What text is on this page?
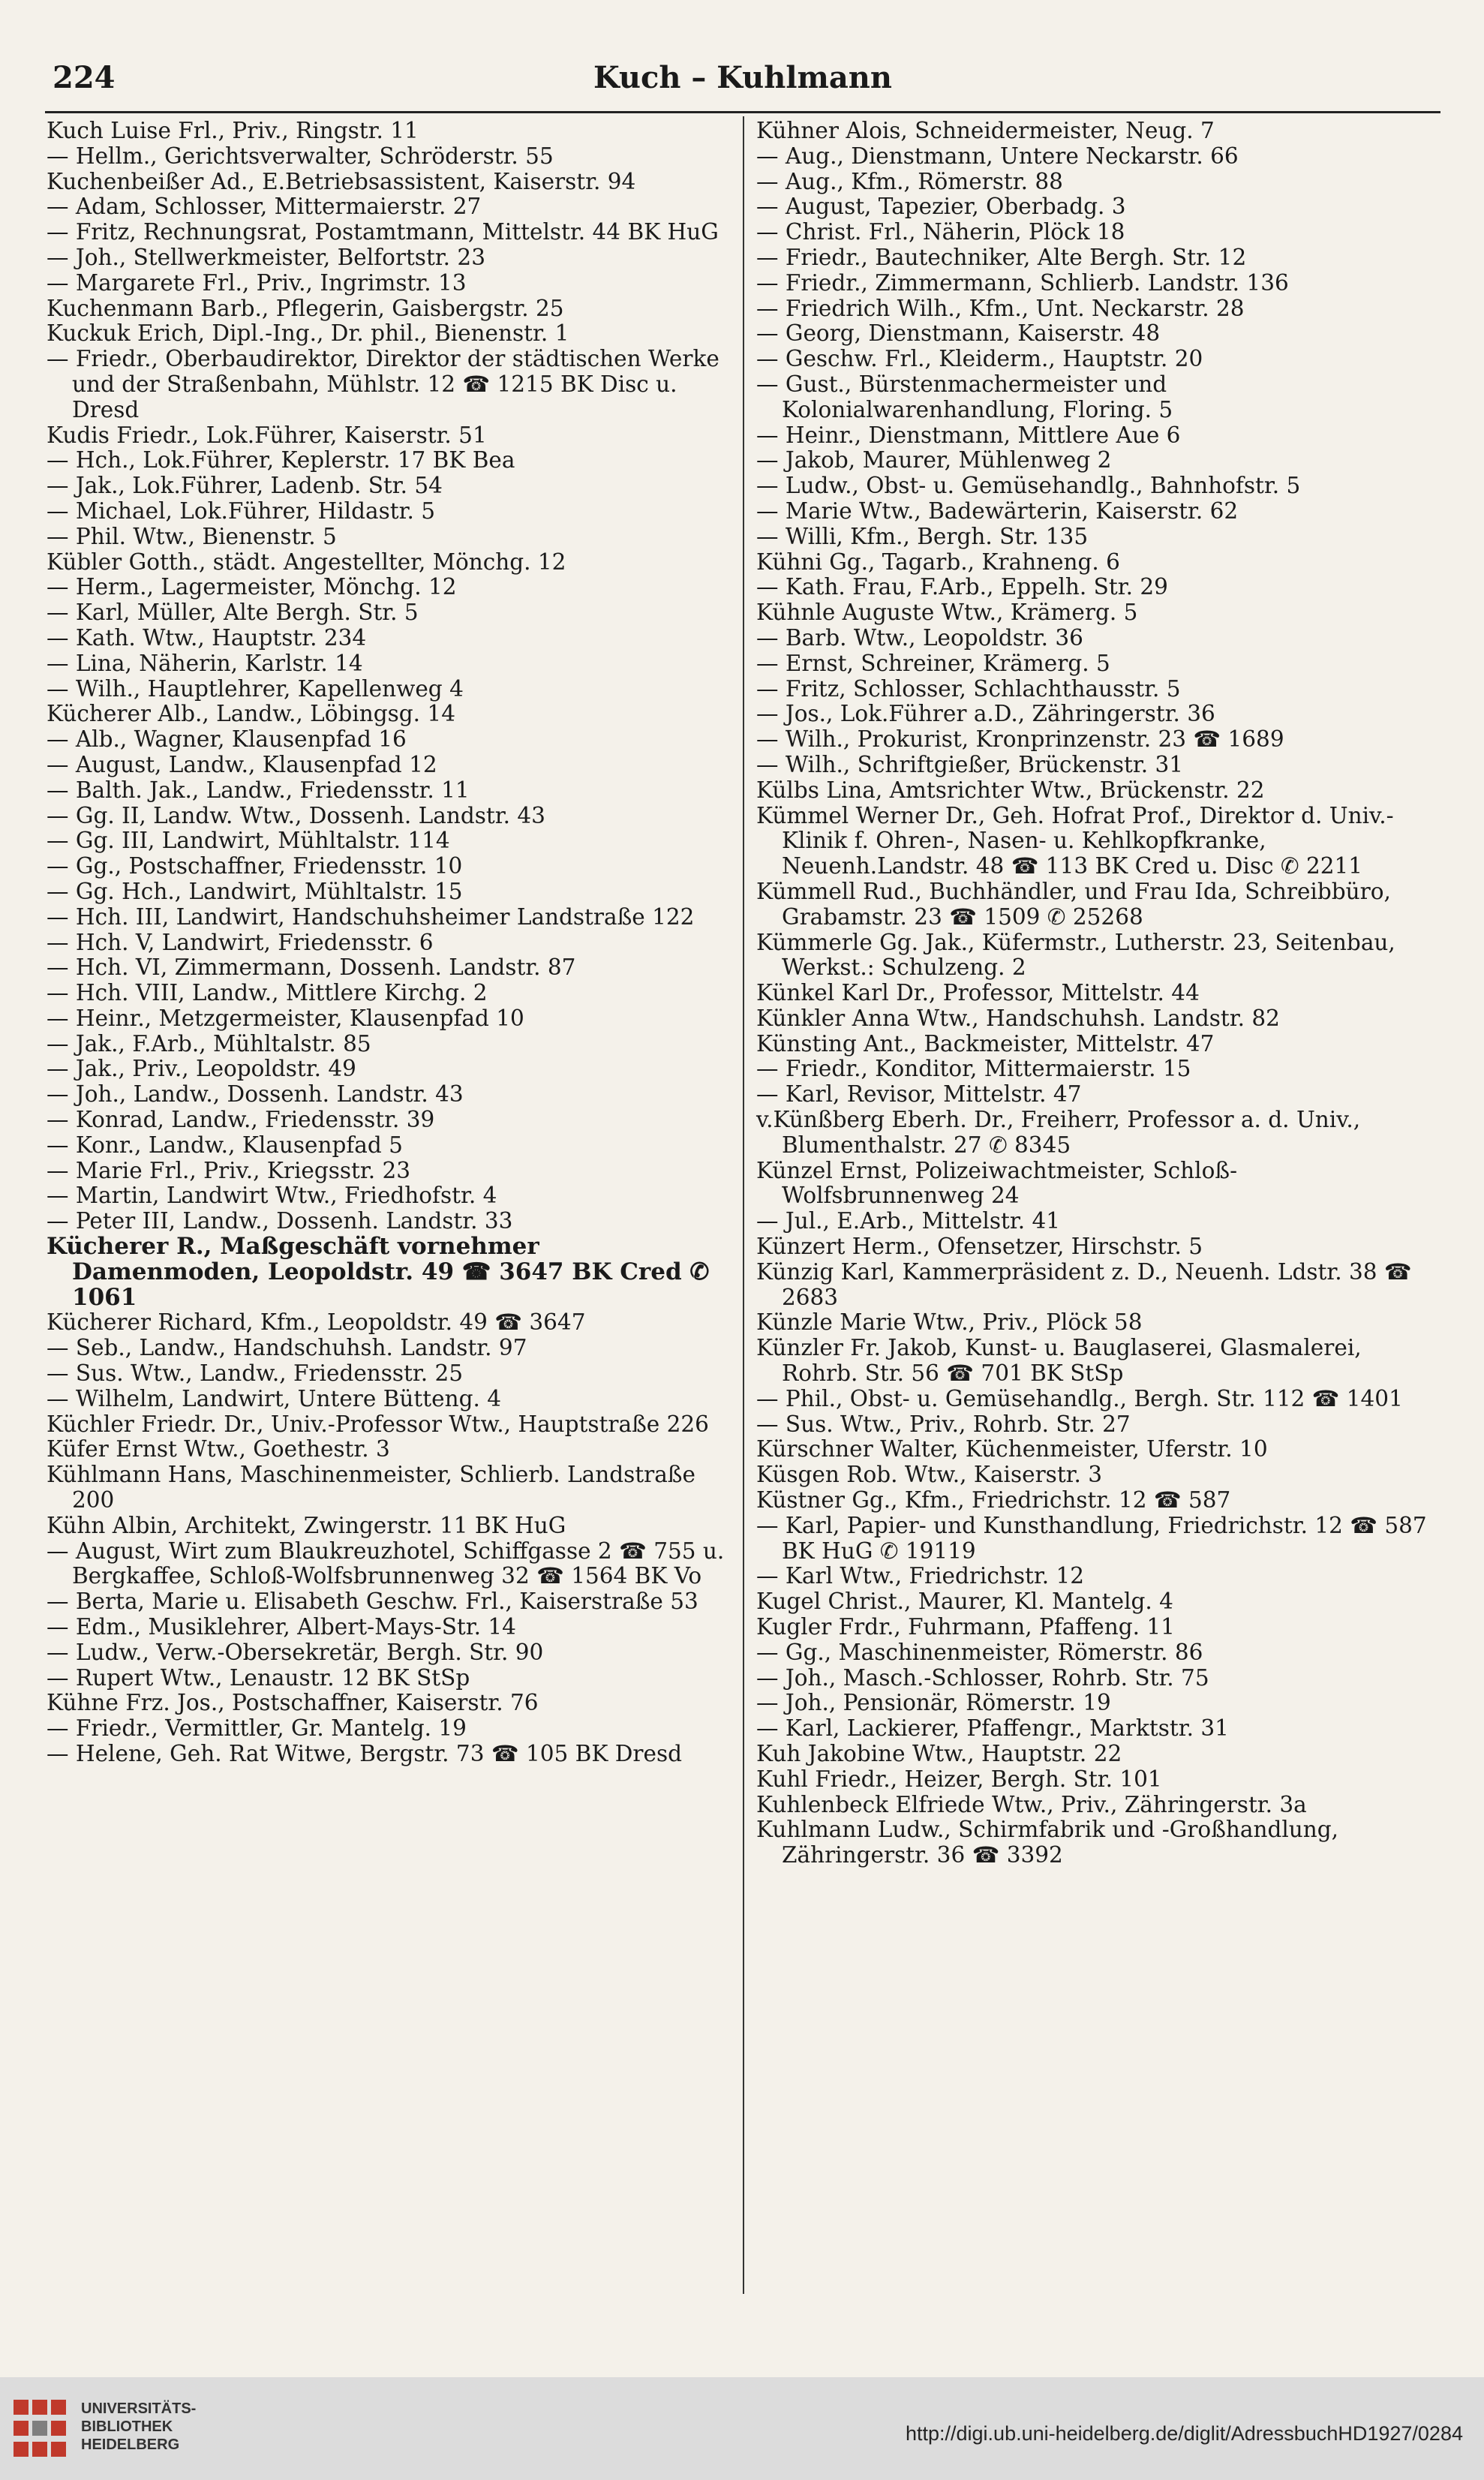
224	Kuch – Kuhlmann
Kuch Luise Frl., Priv., Ringstr. 11
— Hellm., Gerichtsverwalter, Schröderstr. 55
Kuchenbeißer Ad., E.Betriebsassistent, Kaiserstr. 94
— Adam, Schlosser, Mittermaierstr. 27
— Fritz, Rechnungsrat, Postamtmann, Mittelstr. 44 BK HuG
— Joh., Stellwerkmeister, Belfortstr. 23
— Margarete Frl., Priv., Ingrimstr. 13
Kuchenmann Barb., Pflegerin, Gaisbergstr. 25
Kuckuk Erich, Dipl.-Ing., Dr. phil., Bienenstr. 1
— Friedr., Oberbaudirektor, Direktor der städtischen Werke und der Straßenbahn, Mühlstr. 12 ☎ 1215 BK Disc u. Dresd
Kudis Friedr., Lok.Führer, Kaiserstr. 51
— Hch., Lok.Führer, Keplerstr. 17 BK Bea
— Jak., Lok.Führer, Ladenb. Str. 54
— Michael, Lok.Führer, Hildastr. 5
— Phil. Wtw., Bienenstr. 5
Kübler Gotth., städt. Angestellter, Mönchg. 12
— Herm., Lagermeister, Mönchg. 12
— Karl, Müller, Alte Bergh. Str. 5
— Kath. Wtw., Hauptstr. 234
— Lina, Näherin, Karlstr. 14
— Wilh., Hauptlehrer, Kapellenweg 4
Kücherer Alb., Landw., Löbingsg. 14
— Alb., Wagner, Klausenpfad 16
— August, Landw., Klausenpfad 12
— Balth. Jak., Landw., Friedensstr. 11
— Gg. II, Landw. Wtw., Dossenh. Landstr. 43
— Gg. III, Landwirt, Mühltalstr. 114
— Gg., Postschaffner, Friedensstr. 10
— Gg. Hch., Landwirt, Mühltalstr. 15
— Hch. III, Landwirt, Handschuhsheimer Landstraße 122
— Hch. V, Landwirt, Friedensstr. 6
— Hch. VI, Zimmermann, Dossenh. Landstr. 87
— Hch. VIII, Landw., Mittlere Kirchg. 2
— Heinr., Metzgermeister, Klausenpfad 10
— Jak., F.Arb., Mühltalstr. 85
— Jak., Priv., Leopoldstr. 49
— Joh., Landw., Dossenh. Landstr. 43
— Konrad, Landw., Friedensstr. 39
— Konr., Landw., Klausenpfad 5
— Marie Frl., Priv., Kriegsstr. 23
— Martin, Landwirt Wtw., Friedhofstr. 4
— Peter III, Landw., Dossenh. Landstr. 33
Kücherer R., Maßgeschäft vornehmer Damenmoden, Leopoldstr. 49 ☎ 3647 BK Cred ✆ 1061
Kücherer Richard, Kfm., Leopoldstr. 49 ☎ 3647
— Seb., Landw., Handschuhsh. Landstr. 97
— Sus. Wtw., Landw., Friedensstr. 25
— Wilhelm, Landwirt, Untere Bütteng. 4
Küchler Friedr. Dr., Univ.-Professor Wtw., Hauptstraße 226
Küfer Ernst Wtw., Goethestr. 3
Kühlmann Hans, Maschinenmeister, Schlierb. Landstraße 200
Kühn Albin, Architekt, Zwingerstr. 11 BK HuG
— August, Wirt zum Blaukreuzhotel, Schiffgasse 2 ☎ 755 u. Bergkaffee, Schloß-Wolfsbrunnenweg 32 ☎ 1564 BK Vo
— Berta, Marie u. Elisabeth Geschw. Frl., Kaiserstraße 53
— Edm., Musiklehrer, Albert-Mays-Str. 14
— Ludw., Verw.-Obersekretär, Bergh. Str. 90
— Rupert Wtw., Lenaustr. 12 BK StSp
Kühne Frz. Jos., Postschaffner, Kaiserstr. 76
— Friedr., Vermittler, Gr. Mantelg. 19
— Helene, Geh. Rat Witwe, Bergstr. 73 ☎ 105 BK Dresd
Kühner Alois, Schneidermeister, Neug. 7
— Aug., Dienstmann, Untere Neckarstr. 66
— Aug., Kfm., Römerstr. 88
— August, Tapezier, Oberbadg. 3
— Christ. Frl., Näherin, Plöck 18
— Friedr., Bautechniker, Alte Bergh. Str. 12
— Friedr., Zimmermann, Schlierb. Landstr. 136
— Friedrich Wilh., Kfm., Unt. Neckarstr. 28
— Georg, Dienstmann, Kaiserstr. 48
— Geschw. Frl., Kleiderm., Hauptstr. 20
— Gust., Bürstenmachermeister und Kolonialwarenhandlung, Floring. 5
— Heinr., Dienstmann, Mittlere Aue 6
— Jakob, Maurer, Mühlenweg 2
— Ludw., Obst- u. Gemüsehandlg., Bahnhofstr. 5
— Marie Wtw., Badewärterin, Kaiserstr. 62
— Willi, Kfm., Bergh. Str. 135
Kühni Gg., Tagarb., Krahneng. 6
— Kath. Frau, F.Arb., Eppelh. Str. 29
Kühnle Auguste Wtw., Krämerg. 5
— Barb. Wtw., Leopoldstr. 36
— Ernst, Schreiner, Krämerg. 5
— Fritz, Schlosser, Schlachthausstr. 5
— Jos., Lok.Führer a.D., Zähringerstr. 36
— Wilh., Prokurist, Kronprinzenstr. 23 ☎ 1689
— Wilh., Schriftgießer, Brückenstr. 31
Külbs Lina, Amtsrichter Wtw., Brückenstr. 22
Kümmel Werner Dr., Geh. Hofrat Prof., Direktor d. Univ.-Klinik f. Ohren-, Nasen- u. Kehlkopfkranke, Neuenh.Landstr. 48 ☎ 113 BK Cred u. Disc ✆ 2211
Kümmell Rud., Buchhändler, und Frau Ida, Schreibbüro, Grabamstr. 23 ☎ 1509 ✆ 25268
Kümmerle Gg. Jak., Küfermstr., Lutherstr. 23, Seitenbau, Werkst.: Schulzeng. 2
Künkel Karl Dr., Professor, Mittelstr. 44
Künkler Anna Wtw., Handschuhsh. Landstr. 82
Künsting Ant., Backmeister, Mittelstr. 47
— Friedr., Konditor, Mittermaierstr. 15
— Karl, Revisor, Mittelstr. 47
v.Künßberg Eberh. Dr., Freiherr, Professor a. d. Univ., Blumenthalstr. 27 ✆ 8345
Künzel Ernst, Polizeiwachtmeister, Schloß-Wolfsbrunnenweg 24
— Jul., E.Arb., Mittelstr. 41
Künzert Herm., Ofensetzer, Hirschstr. 5
Künzig Karl, Kammerpräsident z. D., Neuenh. Ldstr. 38 ☎ 2683
Künzle Marie Wtw., Priv., Plöck 58
Künzler Fr. Jakob, Kunst- u. Bauglaserei, Glasmalerei, Rohrb. Str. 56 ☎ 701 BK StSp
— Phil., Obst- u. Gemüsehandlg., Bergh. Str. 112 ☎ 1401
— Sus. Wtw., Priv., Rohrb. Str. 27
Kürschner Walter, Küchenmeister, Uferstr. 10
Küsgen Rob. Wtw., Kaiserstr. 3
Küstner Gg., Kfm., Friedrichstr. 12 ☎ 587
— Karl, Papier- und Kunsthandlung, Friedrichstr. 12 ☎ 587 BK HuG ✆ 19119
— Karl Wtw., Friedrichstr. 12
Kugel Christ., Maurer, Kl. Mantelg. 4
Kugler Frdr., Fuhrmann, Pfaffeng. 11
— Gg., Maschinenmeister, Römerstr. 86
— Joh., Masch.-Schlosser, Rohrb. Str. 75
— Joh., Pensionär, Römerstr. 19
— Karl, Lackierer, Pfaffengr., Marktstr. 31
Kuh Jakobine Wtw., Hauptstr. 22
Kuhl Friedr., Heizer, Bergh. Str. 101
Kuhlenbeck Elfriede Wtw., Priv., Zähringerstr. 3a
Kuhlmann Ludw., Schirmfabrik und -Großhandlung, Zähringerstr. 36 ☎ 3392
UNIVERSITÄTS-
BIBLIOTHEK
HEIDELBERG	http://digi.ub.uni-heidelberg.de/diglit/AdressbuchHD1927/0284
